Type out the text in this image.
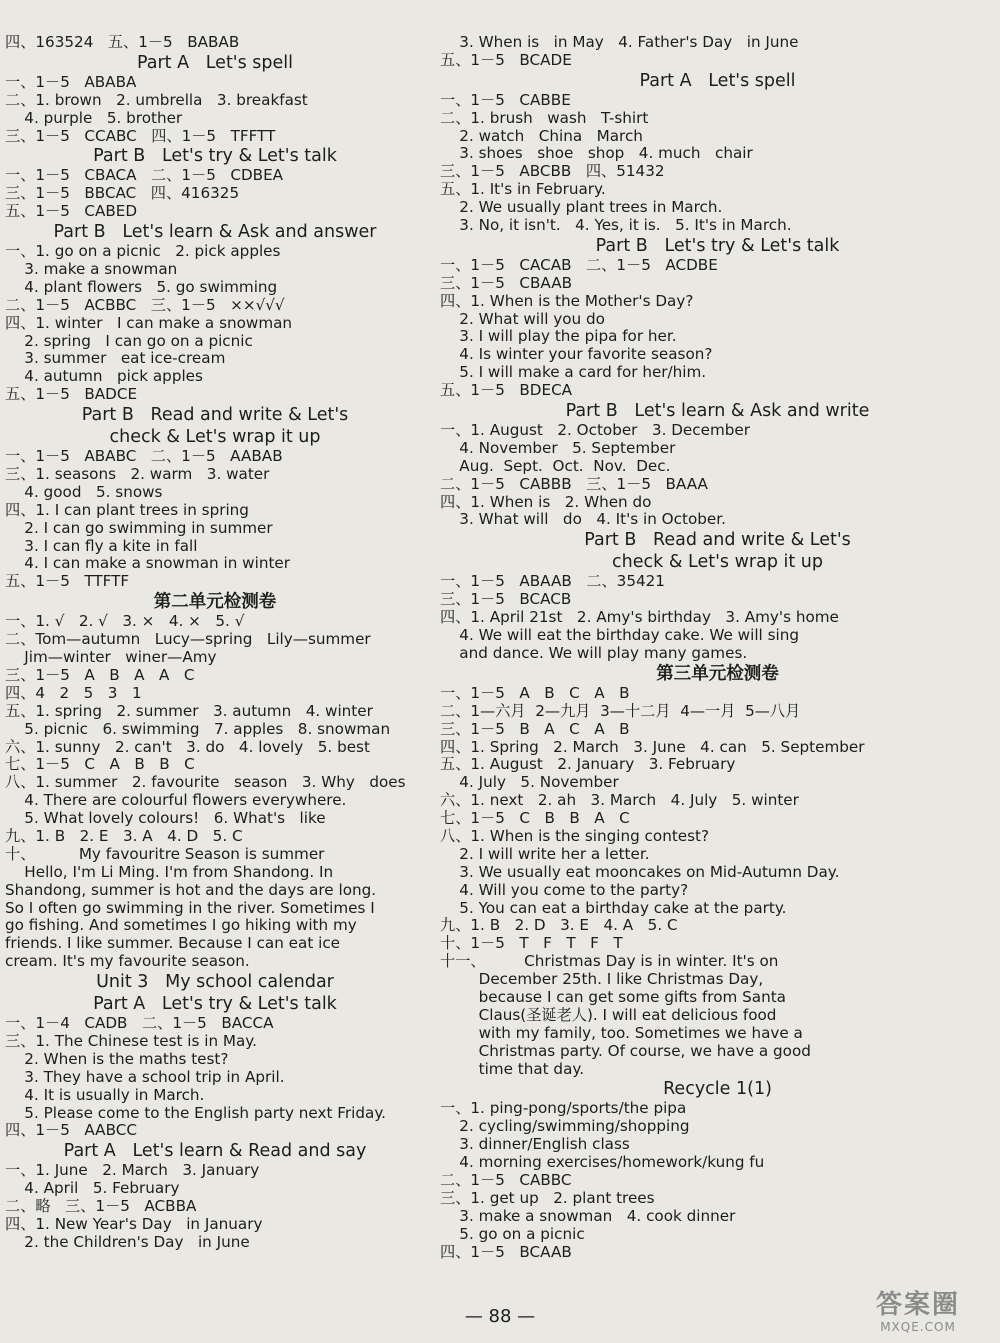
四、163524   五、1－5   BABAB
Part A   Let's spell
一、1－5   ABABA
二、1. brown   2. umbrella   3. breakfast
4. purple   5. brother
三、1－5   CCABC   四、1－5   TFFTT
Part B   Let's try & Let's talk
一、1－5   CBACA   二、1－5   CDBEA
三、1－5   BBCAC   四、416325
五、1－5   CABED
Part B   Let's learn & Ask and answer
一、1. go on a picnic   2. pick apples
3. make a snowman
4. plant flowers   5. go swimming
二、1－5   ACBBC   三、1－5   ××√√√
四、1. winter   I can make a snowman
2. spring   I can go on a picnic
3. summer   eat ice-cream
4. autumn   pick apples
五、1－5   BADCE
Part B   Read and write & Let's
check & Let's wrap it up
一、1－5   ABABC   二、1－5   AABAB
三、1. seasons   2. warm   3. water
4. good   5. snows
四、1. I can plant trees in spring
2. I can go swimming in summer
3. I can fly a kite in fall
4. I can make a snowman in winter
五、1－5   TTFTF
第二单元检测卷
一、1. √   2. √   3. ×   4. ×   5. √
二、Tom—autumn   Lucy—spring   Lily—summer
Jim—winter   winer—Amy
三、1－5   A   B   A   A   C
四、4   2   5   3   1
五、1. spring   2. summer   3. autumn   4. winter
5. picnic   6. swimming   7. apples   8. snowman
六、1. sunny   2. can't   3. do   4. lovely   5. best
七、1－5   C   A   B   B   C
八、1. summer   2. favourite   season   3. Why   does
4. There are colourful flowers everywhere.
5. What lovely colours!   6. What's   like
九、1. B   2. E   3. A   4. D   5. C
十、         My favouritre Season is summer
Hello, I'm Li Ming. I'm from Shandong. In
Shandong, summer is hot and the days are long.
So I often go swimming in the river. Sometimes I
go fishing. And sometimes I go hiking with my
friends. I like summer. Because I can eat ice
cream. It's my favourite season.
Unit 3   My school calendar
Part A   Let's try & Let's talk
一、1－4   CADB   二、1－5   BACCA
三、1. The Chinese test is in May.
2. When is the maths test?
3. They have a school trip in April.
4. It is usually in March.
5. Please come to the English party next Friday.
四、1－5   AABCC
Part A   Let's learn & Read and say
一、1. June   2. March   3. January
4. April   5. February
二、略   三、1－5   ACBBA
四、1. New Year's Day   in January
2. the Children's Day   in June
3. When is   in May   4. Father's Day   in June
五、1－5   BCADE
Part A   Let's spell
一、1－5   CABBE
二、1. brush   wash   T-shirt
2. watch   China   March
3. shoes   shoe   shop   4. much   chair
三、1－5   ABCBB   四、51432
五、1. It's in February.
2. We usually plant trees in March.
3. No, it isn't.   4. Yes, it is.   5. It's in March.
Part B   Let's try & Let's talk
一、1－5   CACAB   二、1－5   ACDBE
三、1－5   CBAAB
四、1. When is the Mother's Day?
2. What will you do
3. I will play the pipa for her.
4. Is winter your favorite season?
5. I will make a card for her/him.
五、1－5   BDECA
Part B   Let's learn & Ask and write
一、1. August   2. October   3. December
4. November   5. September
Aug.  Sept.  Oct.  Nov.  Dec.
二、1－5   CABBB   三、1－5   BAAA
四、1. When is   2. When do
3. What will   do   4. It's in October.
Part B   Read and write & Let's
check & Let's wrap it up
一、1－5   ABAAB   二、35421
三、1－5   BCACB
四、1. April 21st   2. Amy's birthday   3. Amy's home
4. We will eat the birthday cake. We will sing
and dance. We will play many games.
第三单元检测卷
一、1－5   A   B   C   A   B
二、1—六月  2—九月  3—十二月  4—一月  5—八月
三、1－5   B   A   C   A   B
四、1. Spring   2. March   3. June   4. can   5. September
五、1. August   2. January   3. February
4. July   5. November
六、1. next   2. ah   3. March   4. July   5. winter
七、1－5   C   B   B   A   C
八、1. When is the singing contest?
2. I will write her a letter.
3. We usually eat mooncakes on Mid-Autumn Day.
4. Will you come to the party?
5. You can eat a birthday cake at the party.
九、1. B   2. D   3. E   4. A   5. C
十、1－5   T   F   T   F   T
十一、        Christmas Day is in winter. It's on
December 25th. I like Christmas Day,
because I can get some gifts from Santa
Claus(圣诞老人). I will eat delicious food
with my family, too. Sometimes we have a
Christmas party. Of course, we have a good
time that day.
Recycle 1(1)
一、1. ping-pong/sports/the pipa
2. cycling/swimming/shopping
3. dinner/English class
4. morning exercises/homework/kung fu
二、1－5   CABBC
三、1. get up   2. plant trees
3. make a snowman   4. cook dinner
5. go on a picnic
四、1－5   BCAAB
— 88 —	答案圈
MXQE.COM
